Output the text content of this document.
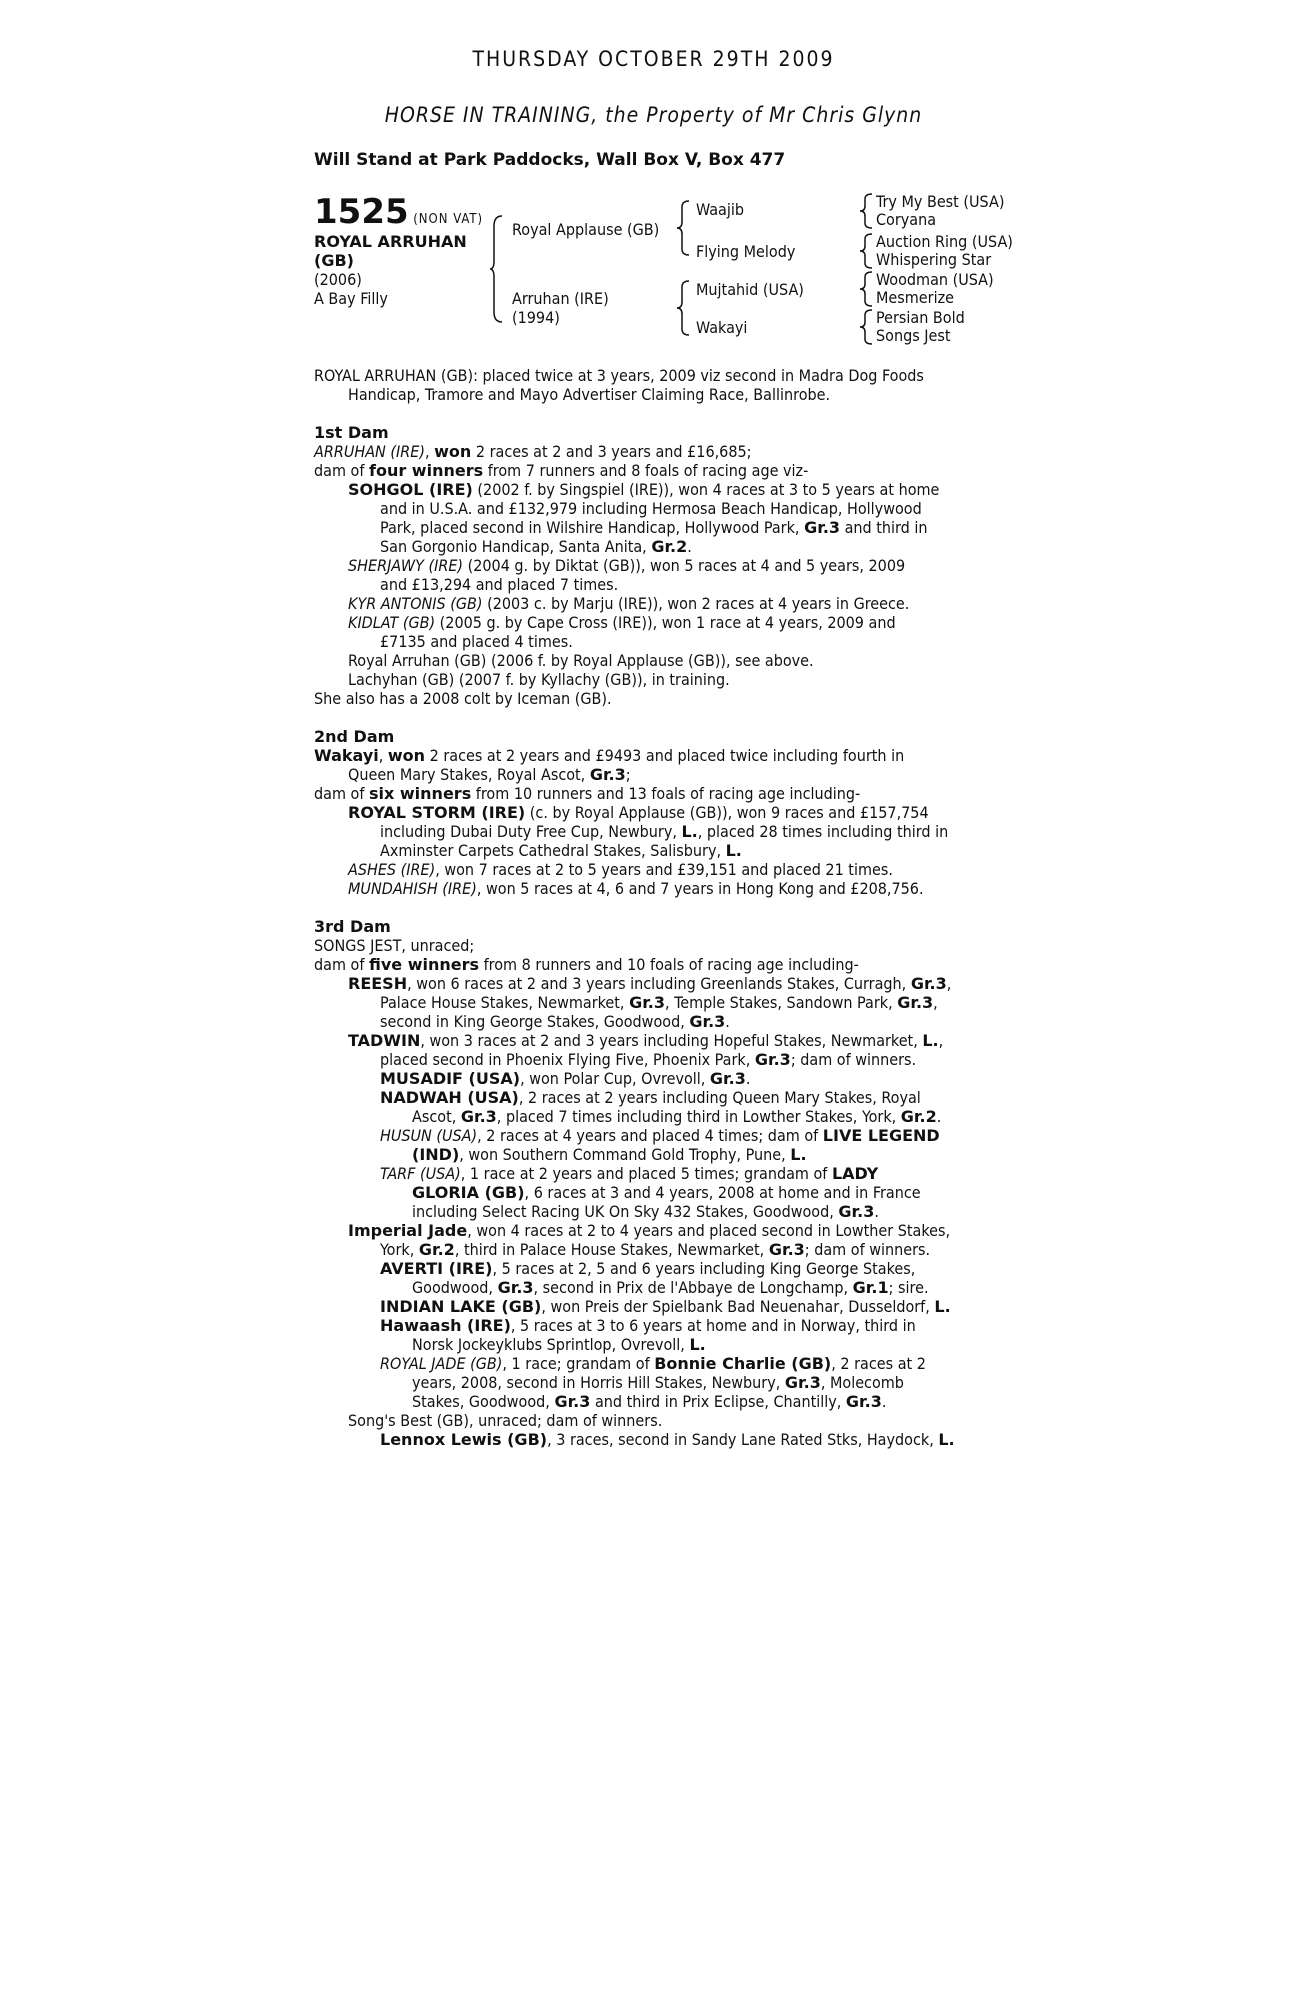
THURSDAY OCTOBER 29TH 2009
HORSE IN TRAINING, the Property of Mr Chris Glynn
Will Stand at Park Paddocks, Wall Box V, Box 477
1525 (NON VAT)
ROYAL ARRUHAN
(GB)
(2006)
A Bay Filly
Royal Applause (GB)
Arruhan (IRE)
(1994)
Waajib
Flying Melody
Mujtahid (USA)
Wakayi
Try My Best (USA)
Coryana
Auction Ring (USA)
Whispering Star
Woodman (USA)
Mesmerize
Persian Bold
Songs Jest
ROYAL ARRUHAN (GB): placed twice at 3 years, 2009 viz second in Madra Dog Foods
Handicap, Tramore and Mayo Advertiser Claiming Race, Ballinrobe.
1st Dam
ARRUHAN (IRE), won 2 races at 2 and 3 years and £16,685;
dam of four winners from 7 runners and 8 foals of racing age viz-
SOHGOL (IRE) (2002 f. by Singspiel (IRE)), won 4 races at 3 to 5 years at home
and in U.S.A. and £132,979 including Hermosa Beach Handicap, Hollywood
Park, placed second in Wilshire Handicap, Hollywood Park, Gr.3 and third in
San Gorgonio Handicap, Santa Anita, Gr.2.
SHERJAWY (IRE) (2004 g. by Diktat (GB)), won 5 races at 4 and 5 years, 2009
and £13,294 and placed 7 times.
KYR ANTONIS (GB) (2003 c. by Marju (IRE)), won 2 races at 4 years in Greece.
KIDLAT (GB) (2005 g. by Cape Cross (IRE)), won 1 race at 4 years, 2009 and
£7135 and placed 4 times.
Royal Arruhan (GB) (2006 f. by Royal Applause (GB)), see above.
Lachyhan (GB) (2007 f. by Kyllachy (GB)), in training.
She also has a 2008 colt by Iceman (GB).
2nd Dam
Wakayi, won 2 races at 2 years and £9493 and placed twice including fourth in
Queen Mary Stakes, Royal Ascot, Gr.3;
dam of six winners from 10 runners and 13 foals of racing age including-
ROYAL STORM (IRE) (c. by Royal Applause (GB)), won 9 races and £157,754
including Dubai Duty Free Cup, Newbury, L., placed 28 times including third in
Axminster Carpets Cathedral Stakes, Salisbury, L.
ASHES (IRE), won 7 races at 2 to 5 years and £39,151 and placed 21 times.
MUNDAHISH (IRE), won 5 races at 4, 6 and 7 years in Hong Kong and £208,756.
3rd Dam
SONGS JEST, unraced;
dam of five winners from 8 runners and 10 foals of racing age including-
REESH, won 6 races at 2 and 3 years including Greenlands Stakes, Curragh, Gr.3,
Palace House Stakes, Newmarket, Gr.3, Temple Stakes, Sandown Park, Gr.3,
second in King George Stakes, Goodwood, Gr.3.
TADWIN, won 3 races at 2 and 3 years including Hopeful Stakes, Newmarket, L.,
placed second in Phoenix Flying Five, Phoenix Park, Gr.3; dam of winners.
MUSADIF (USA), won Polar Cup, Ovrevoll, Gr.3.
NADWAH (USA), 2 races at 2 years including Queen Mary Stakes, Royal
Ascot, Gr.3, placed 7 times including third in Lowther Stakes, York, Gr.2.
HUSUN (USA), 2 races at 4 years and placed 4 times; dam of LIVE LEGEND
(IND), won Southern Command Gold Trophy, Pune, L.
TARF (USA), 1 race at 2 years and placed 5 times; grandam of LADY
GLORIA (GB), 6 races at 3 and 4 years, 2008 at home and in France
including Select Racing UK On Sky 432 Stakes, Goodwood, Gr.3.
Imperial Jade, won 4 races at 2 to 4 years and placed second in Lowther Stakes,
York, Gr.2, third in Palace House Stakes, Newmarket, Gr.3; dam of winners.
AVERTI (IRE), 5 races at 2, 5 and 6 years including King George Stakes,
Goodwood, Gr.3, second in Prix de l'Abbaye de Longchamp, Gr.1; sire.
INDIAN LAKE (GB), won Preis der Spielbank Bad Neuenahar, Dusseldorf, L.
Hawaash (IRE), 5 races at 3 to 6 years at home and in Norway, third in
Norsk Jockeyklubs Sprintlop, Ovrevoll, L.
ROYAL JADE (GB), 1 race; grandam of Bonnie Charlie (GB), 2 races at 2
years, 2008, second in Horris Hill Stakes, Newbury, Gr.3, Molecomb
Stakes, Goodwood, Gr.3 and third in Prix Eclipse, Chantilly, Gr.3.
Song's Best (GB), unraced; dam of winners.
Lennox Lewis (GB), 3 races, second in Sandy Lane Rated Stks, Haydock, L.
